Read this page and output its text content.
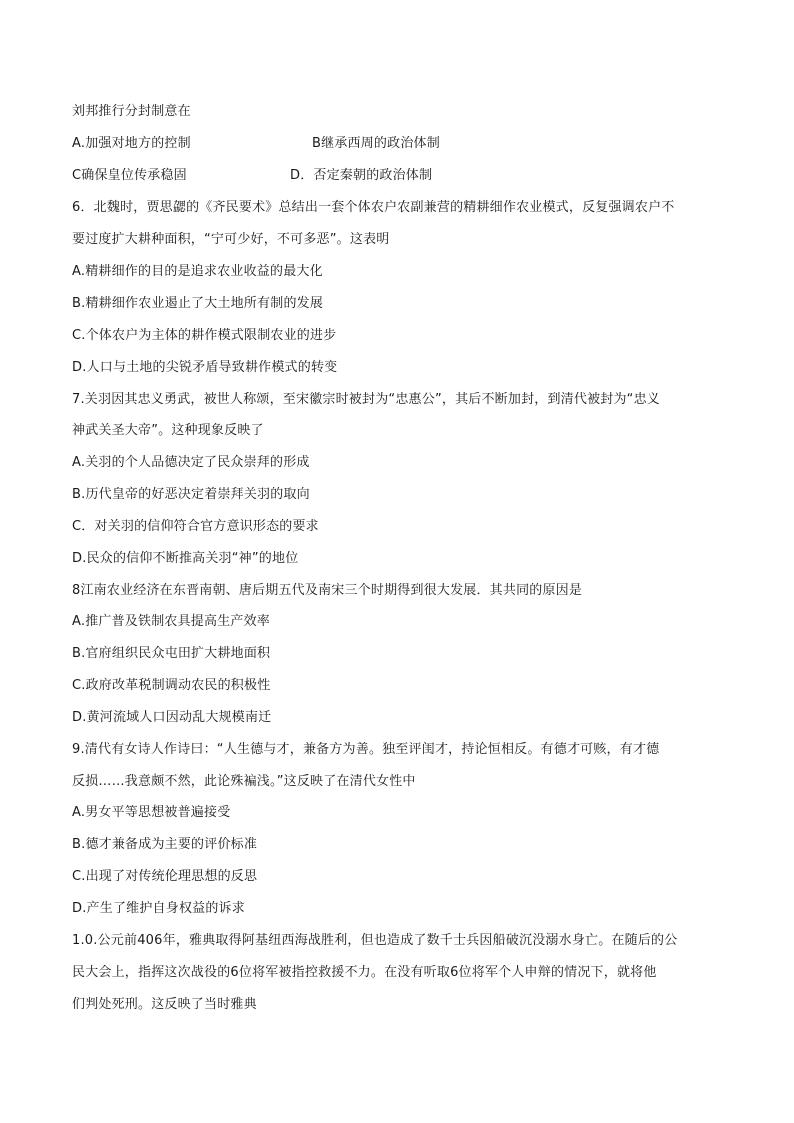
刘邦推行分封制意在
A.加强对地方的控制	B继承西周的政治体制
C确保皇位传承稳固	D．否定秦朝的政治体制
6．北魏时，贾思勰的《齐民要术》总结出一套个体农户农副兼营的精耕细作农业模式，反复强调农户不
要过度扩大耕种面积，“宁可少好，不可多恶”。这表明
A.精耕细作的目的是追求农业收益的最大化
B.精耕细作农业遏止了大土地所有制的发展
C.个体农户为主体的耕作模式限制农业的进步
D.人口与土地的尖锐矛盾导致耕作模式的转变
7.关羽因其忠义勇武，被世人称颂，至宋徽宗时被封为“忠惠公”，其后不断加封，到清代被封为“忠义
神武关圣大帝”。这种现象反映了
A.关羽的个人品德决定了民众崇拜的形成
B.历代皇帝的好恶决定着崇拜关羽的取向
C．对关羽的信仰符合官方意识形态的要求
D.民众的信仰不断推高关羽“神”的地位
8江南农业经济在东晋南朝、唐后期五代及南宋三个时期得到很大发展．其共同的原因是
A.推广普及铁制农具提高生产效率
B.官府组织民众屯田扩大耕地面积
C.政府改革税制调动农民的积极性
D.黄河流域人口因动乱大规模南迁
9.清代有女诗人作诗曰：“人生德与才，兼备方为善。独至评闺才，持论恒相反。有德才可赅，有才德
反损……我意颇不然，此论殊褊浅。”这反映了在清代女性中
A.男女平等思想被普遍接受
B.德才兼备成为主要的评价标准
C.出现了对传统伦理思想的反思
D.产生了维护自身权益的诉求
1.0.公元前406年，雅典取得阿基纽西海战胜利，但也造成了数千士兵因船破沉没溺水身亡。在随后的公
民大会上，指挥这次战役的6位将军被指控救援不力。在没有听取6位将军个人申辩的情况下，就将他
们判处死刑。这反映了当时雅典
